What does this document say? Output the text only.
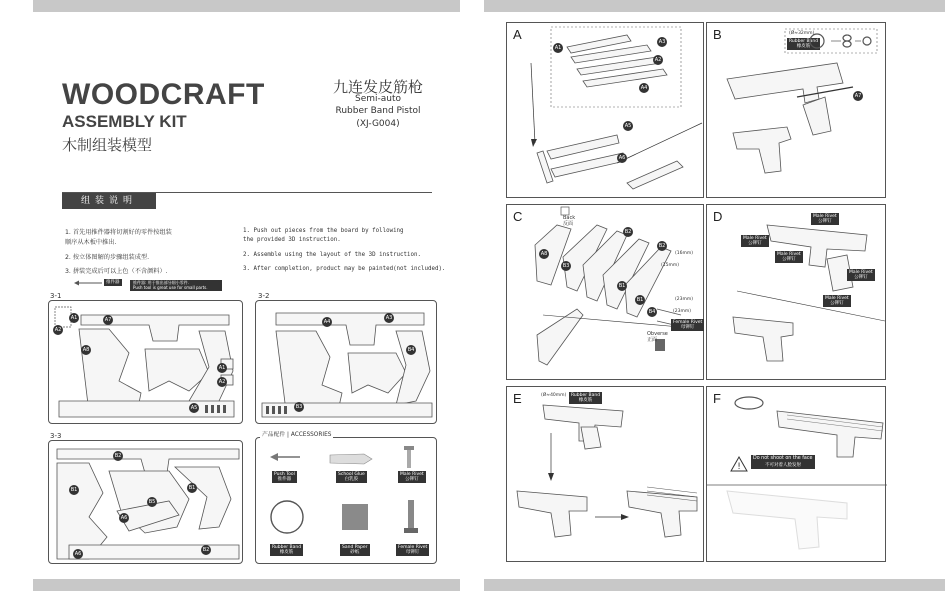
WOODCRAFT
ASSEMBLY KIT
木制组装模型
九连发皮筋枪
Semi-auto
Rubber Band Pistol
(XJ-G004)
组装说明
1. 首先用推件器将切割好的零件按组装
顺序从木板中推出.
2. 按立体图解的步骤组装成型.
3. 拼装完成后可以上色（不含颜料）.
1. Push out pieces from the board by following
the provided 3D instruction.
2. Assemble using the layout of the 3D instruction.
3. After completion, product may be painted(not included).
推件器	推件器: 用于推出部分细小零件.
Push tool is great use for small parts.
3-1
A2
A1	A7
A8
A1
A2
A5
3-2
A4
A3
B4
B3
3-3
B2
B1
B5
A6
B1
A6
B2
产品配件 | ACCESSORIES
Push Tool
推件器
School Glue
白乳胶
Male Rivet
公铆钉
Rubber Band
橡皮筋
Sand Paper
砂纸
Female Rivet
母铆钉
A
A1
A3
A2
A4
A5
A6
B	(Ø≈32mm)
Rubber Band
橡皮筋
A7
C	Back
反面
(16mm)
(15mm)
(23mm)
(23mm)
Female Rivet
母铆钉
Obverse
正面
A8
B3
B2
B2
B1
B1
B4
D	Male Rivet
公铆钉
Male Rivet
公铆钉
Male Rivet
公铆钉
Male Rivet
公铆钉
Male Rivet
公铆钉
E	(Ø≈40mm)	Rubber Band
橡皮筋	F
!
Do not shoot on the face
不可对着人脸发射
